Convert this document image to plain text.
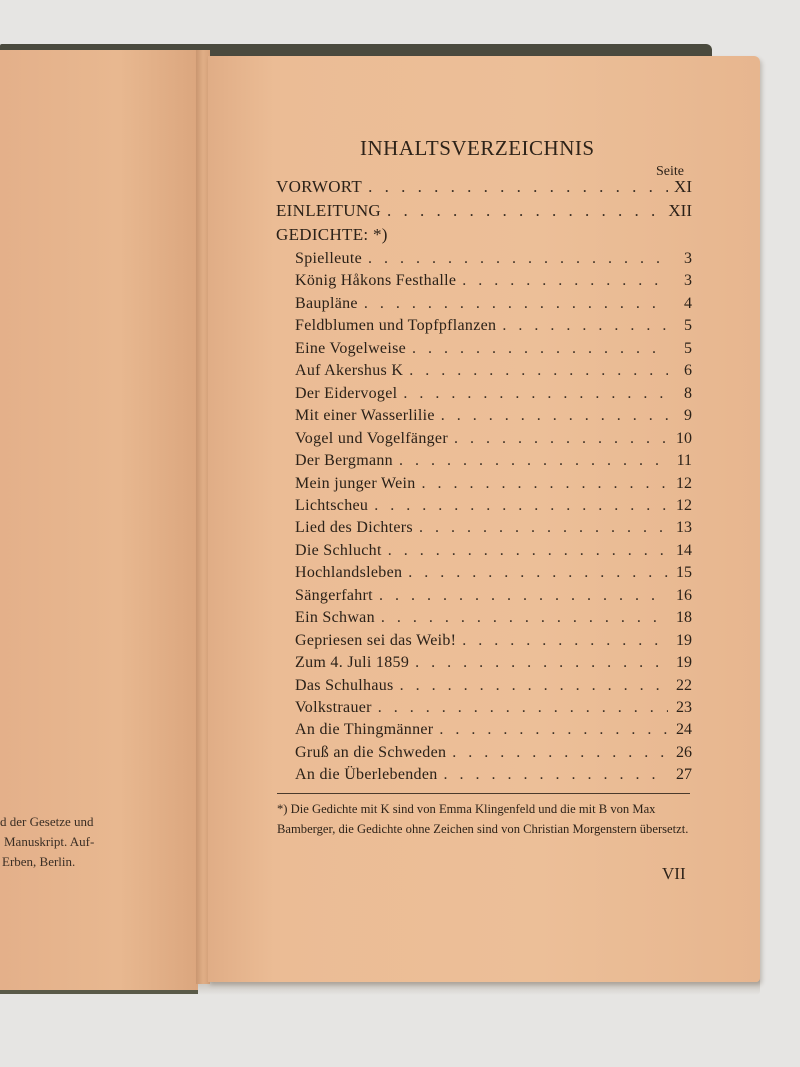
d der Gesetze und
Manuskript. Auf-
Erben, Berlin.
INHALTSVERZEICHNIS
Seite
VORWORT . . .	XI
EINLEITUNG . . .	XII
GEDICHTE: *)
Spielleute . . .	3
König Håkons Festhalle . . .	3
Baupläne . . .	4
Feldblumen und Topfpflanzen . . .	5
Eine Vogelweise . . .	5
Auf Akershus K . . .	6
Der Eidervogel . . .	8
Mit einer Wasserlilie . . .	9
Vogel und Vogelfänger . . .	10
Der Bergmann . . .	11
Mein junger Wein . . .	12
Lichtscheu . . .	12
Lied des Dichters . . .	13
Die Schlucht . . .	14
Hochlandsleben . . .	15
Sängerfahrt . . .	16
Ein Schwan . . .	18
Gepriesen sei das Weib! . . .	19
Zum 4. Juli 1859 . . .	19
Das Schulhaus . . .	22
Volkstrauer . . .	23
An die Thingmänner . . .	24
Gruß an die Schweden . . .	26
An die Überlebenden . . .	27
*) Die Gedichte mit K sind von Emma Klingenfeld und die mit B von Max Bamberger, die Gedichte ohne Zeichen sind von Christian Morgenstern übersetzt.
VII
